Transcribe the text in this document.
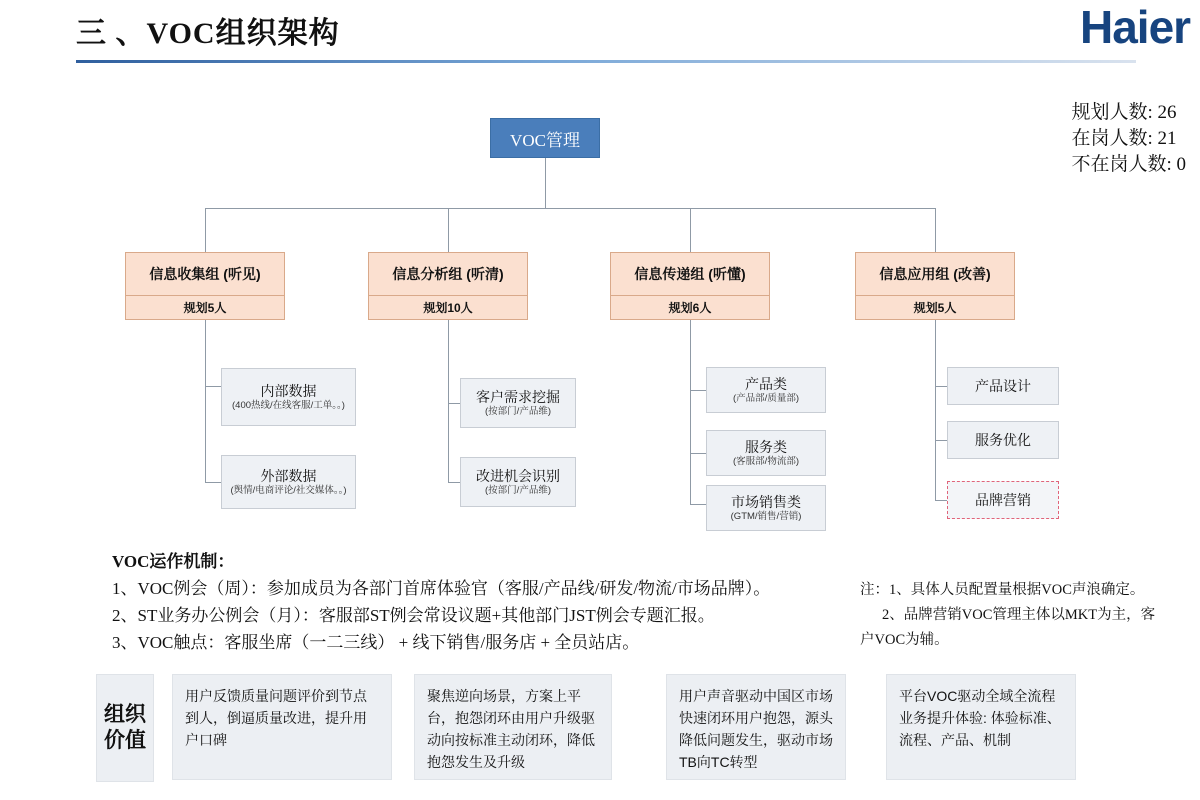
三 、VOC组织架构	Haier
规划人数: 26
在岗人数: 21
不在岗人数: 0
VOC管理
信息收集组 (听见)
规划5人
内部数据
(400热线/在线客服/工单。。)
外部数据
(舆情/电商评论/社交媒体。。)
信息分析组 (听清)
规划10人
客户需求挖掘
(按部门/产品维)
改进机会识别
(按部门/产品维)
信息传递组 (听懂)
规划6人
产品类
(产品部/质量部)
服务类
(客服部/物流部)
市场销售类
(GTM/销售/营销)
信息应用组 (改善)
规划5人
产品设计
服务优化
品牌营销
VOC运作机制：
1、VOC例会（周）：参加成员为各部门首席体验官（客服/产品线/研发/物流/市场品牌）。
2、ST业务办公例会（月）：客服部ST例会常设议题+其他部门JST例会专题汇报。
3、VOC触点：客服坐席（一二三线） + 线下销售/服务店 + 全员站店。
注：1、具体人员配置量根据VOC声浪确定。
2、品牌营销VOC管理主体以MKT为主，客
户VOC为辅。
组织价值
用户反馈质量问题评价到节点到人，倒逼质量改进，提升用户口碑
聚焦逆向场景，方案上平台，抱怨闭环由用户升级驱动向按标准主动闭环，降低抱怨发生及升级
用户声音驱动中国区市场快速闭环用户抱怨，源头降低问题发生，驱动市场TB向TC转型
平台VOC驱动全域全流程业务提升体验: 体验标准、流程、产品、机制
